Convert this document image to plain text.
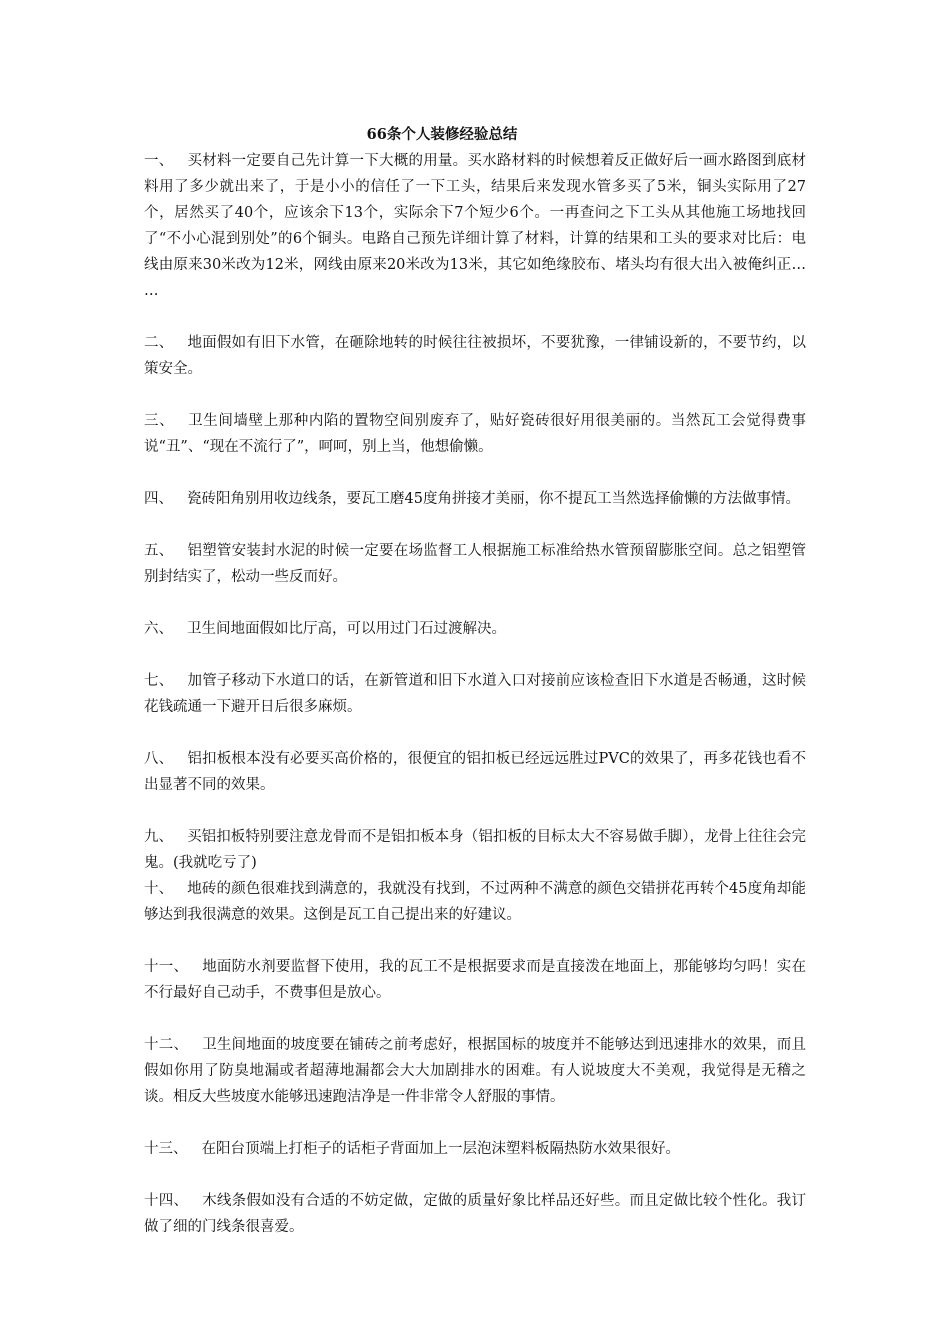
66条个人装修经验总结

一、 买材料一定要自己先计算一下大概的用量。买水路材料的时候想着反正做好后一画水路图到底材料用了多少就出来了，于是小小的信任了一下工头，结果后来发现水管多买了5米，铜头实际用了27个，居然买了40个，应该余下13个，实际余下7个短少6个。一再查问之下工头从其他施工场地找回了“不小心混到别处”的6个铜头。电路自己预先详细计算了材料，计算的结果和工头的要求对比后：电线由原来30米改为12米，网线由原来20米改为13米，其它如绝缘胶布、堵头均有很大出入被俺纠正… …

二、 地面假如有旧下水管，在砸除地转的时候往往被损坏，不要犹豫，一律铺设新的，不要节约，以策安全。

三、 卫生间墙壁上那种内陷的置物空间别废弃了，贴好瓷砖很好用很美丽的。当然瓦工会觉得费事说“丑”、“现在不流行了”，呵呵，别上当，他想偷懒。

四、 瓷砖阳角别用收边线条，要瓦工磨45度角拼接才美丽，你不提瓦工当然选择偷懒的方法做事情。

五、 铝塑管安装封水泥的时候一定要在场监督工人根据施工标准给热水管预留膨胀空间。总之铝塑管别封结实了，松动一些反而好。

六、 卫生间地面假如比厅高，可以用过门石过渡解决。

七、 加管子移动下水道口的话，在新管道和旧下水道入口对接前应该检查旧下水道是否畅通，这时候花钱疏通一下避开日后很多麻烦。

八、 铝扣板根本没有必要买高价格的，很便宜的铝扣板已经远远胜过PVC的效果了，再多花钱也看不出显著不同的效果。

九、 买铝扣板特别要注意龙骨而不是铝扣板本身（铝扣板的目标太大不容易做手脚），龙骨上往往会完鬼。(我就吃亏了)

十、 地砖的颜色很难找到满意的，我就没有找到，不过两种不满意的颜色交错拼花再转个45度角却能够达到我很满意的效果。这倒是瓦工自己提出来的好建议。

十一、 地面防水剂要监督下使用，我的瓦工不是根据要求而是直接泼在地面上，那能够均匀吗！实在不行最好自己动手，不费事但是放心。

十二、 卫生间地面的坡度要在铺砖之前考虑好，根据国标的坡度并不能够达到迅速排水的效果，而且假如你用了防臭地漏或者超薄地漏都会大大加剧排水的困难。有人说坡度大不美观，我觉得是无稽之谈。相反大些坡度水能够迅速跑洁净是一件非常令人舒服的事情。

十三、 在阳台顶端上打柜子的话柜子背面加上一层泡沫塑料板隔热防水效果很好。

十四、 木线条假如没有合适的不妨定做，定做的质量好象比样品还好些。而且定做比较个性化。我订做了细的门线条很喜爱。
